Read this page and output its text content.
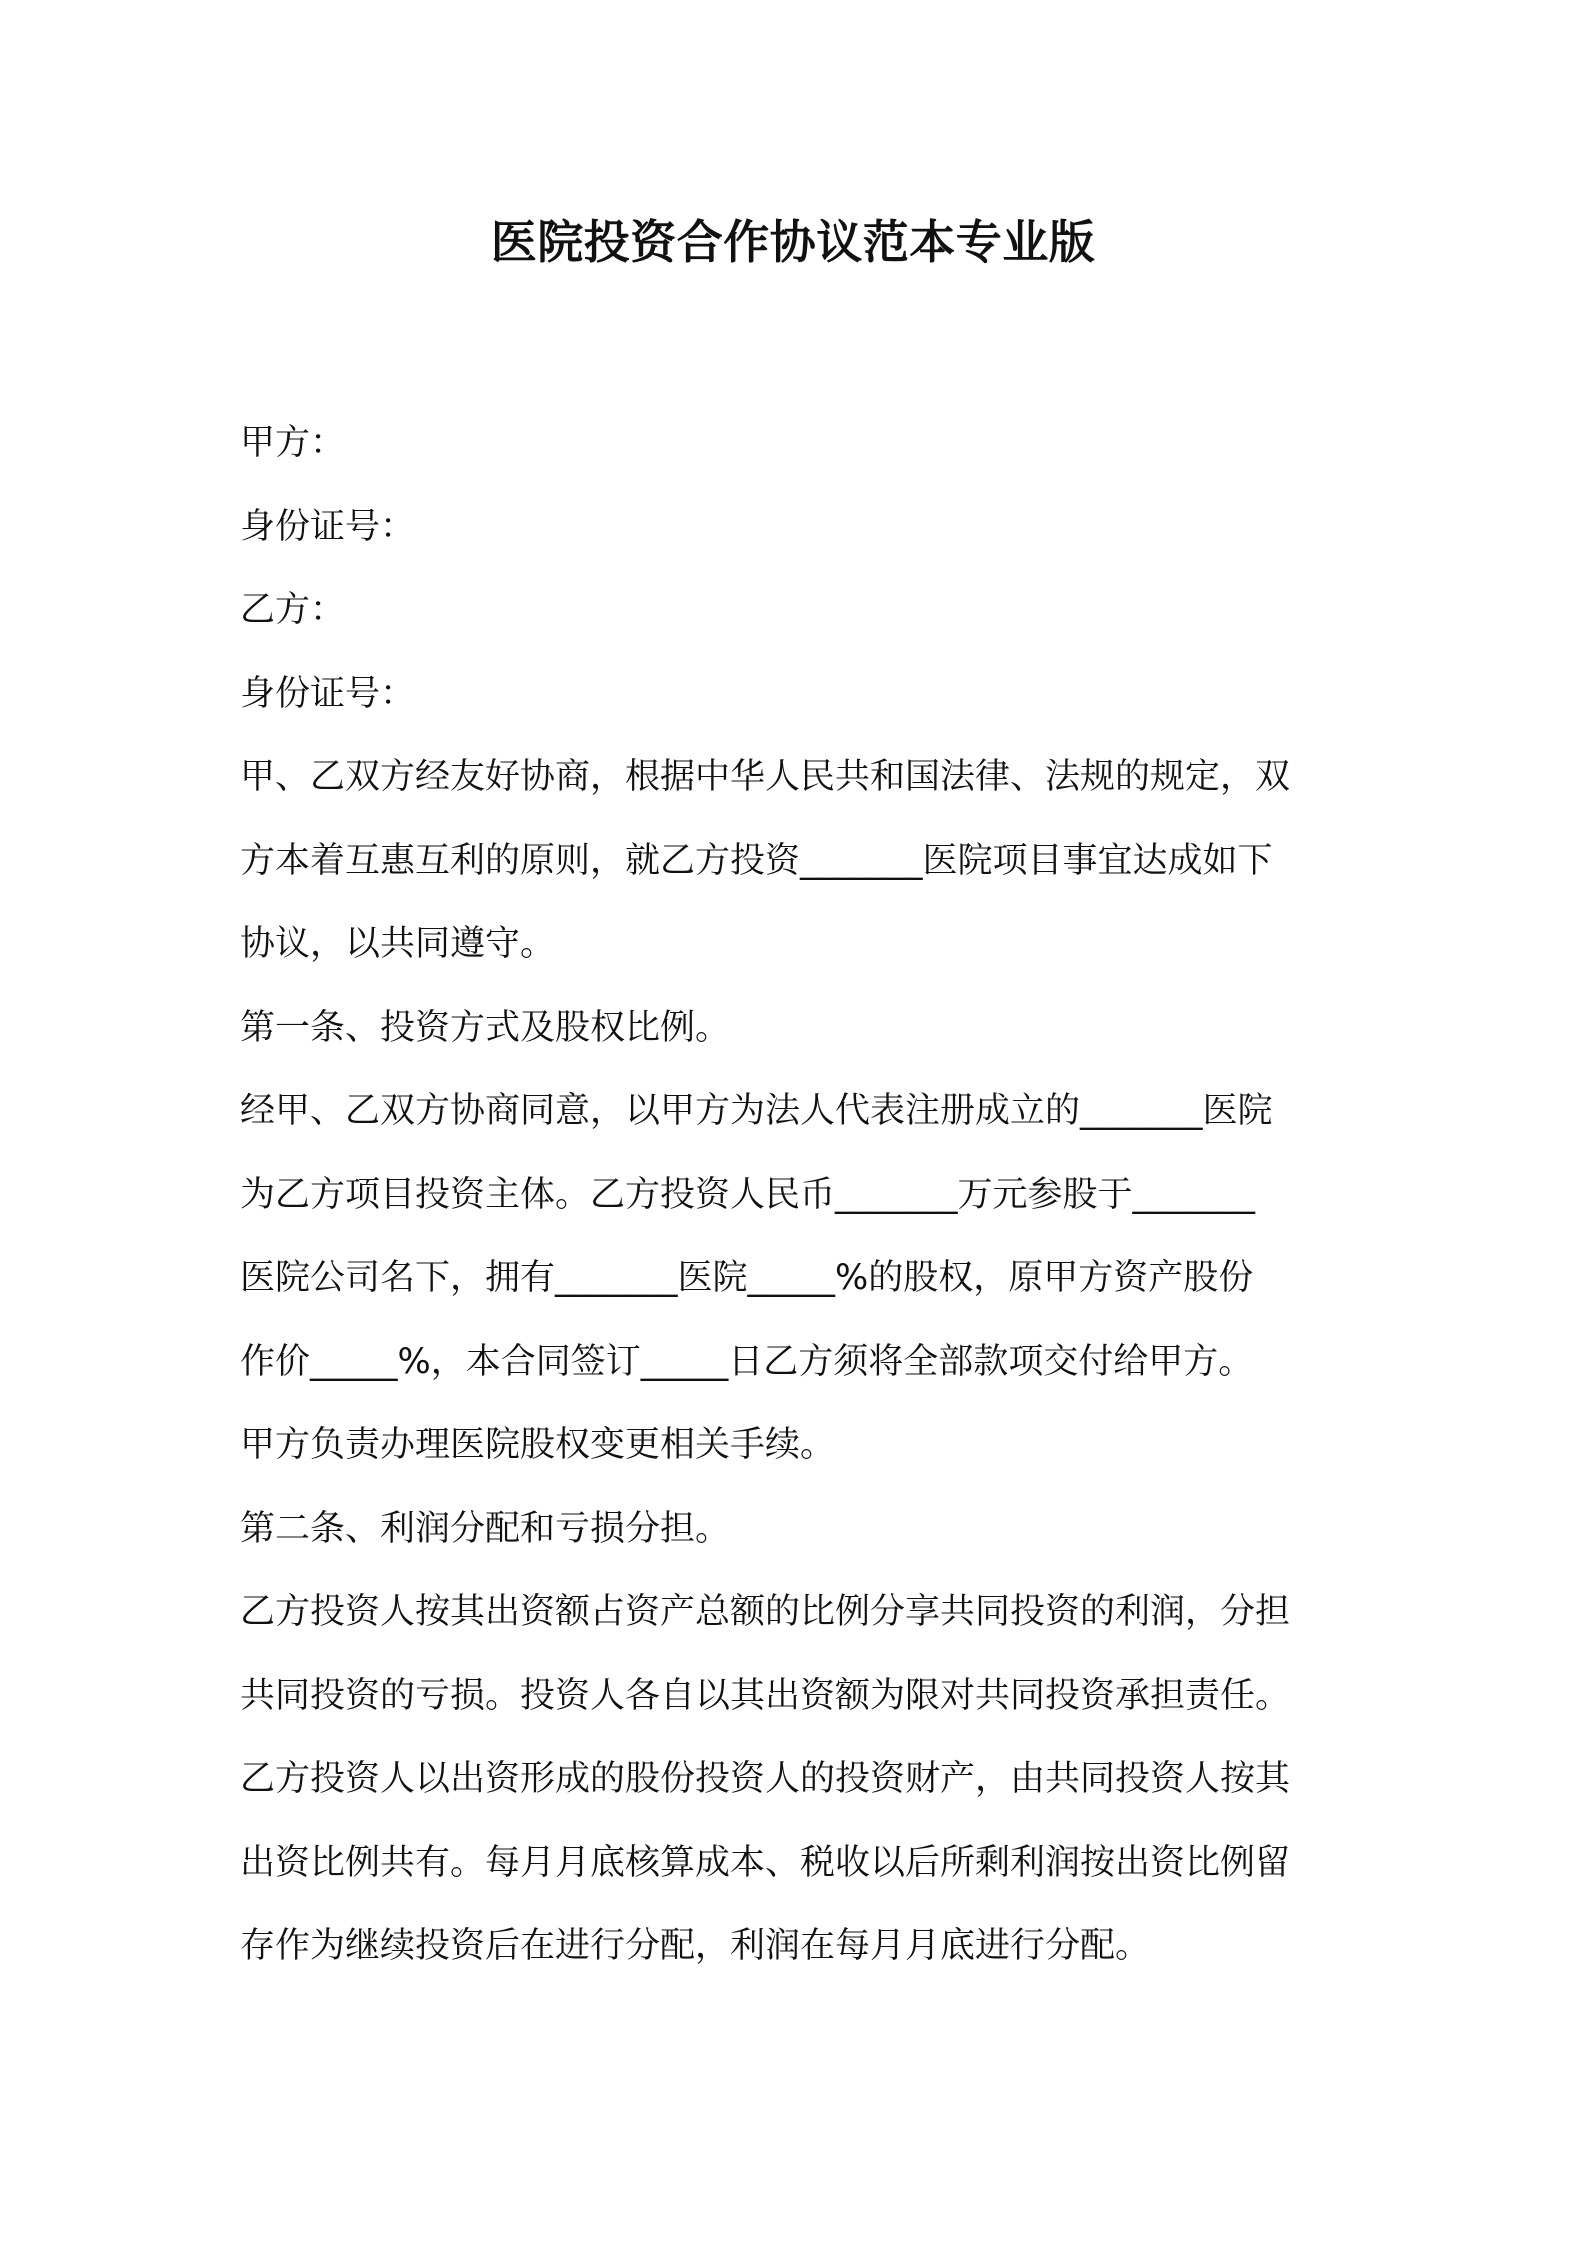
医院投资合作协议范本专业版
甲方：
身份证号：
乙方：
身份证号：
甲、乙双方经友好协商，根据中华人民共和国法律、法规的规定，双
方本着互惠互利的原则，就乙方投资_______医院项目事宜达成如下
协议，以共同遵守。
第一条、投资方式及股权比例。
经甲、乙双方协商同意，以甲方为法人代表注册成立的_______医院
为乙方项目投资主体。乙方投资人民币_______万元参股于_______
医院公司名下，拥有_______医院_____%的股权，原甲方资产股份
作价_____%，本合同签订_____日乙方须将全部款项交付给甲方。
甲方负责办理医院股权变更相关手续。
第二条、利润分配和亏损分担。
乙方投资人按其出资额占资产总额的比例分享共同投资的利润，分担
共同投资的亏损。投资人各自以其出资额为限对共同投资承担责任。
乙方投资人以出资形成的股份投资人的投资财产，由共同投资人按其
出资比例共有。每月月底核算成本、税收以后所剩利润按出资比例留
存作为继续投资后在进行分配，利润在每月月底进行分配。
